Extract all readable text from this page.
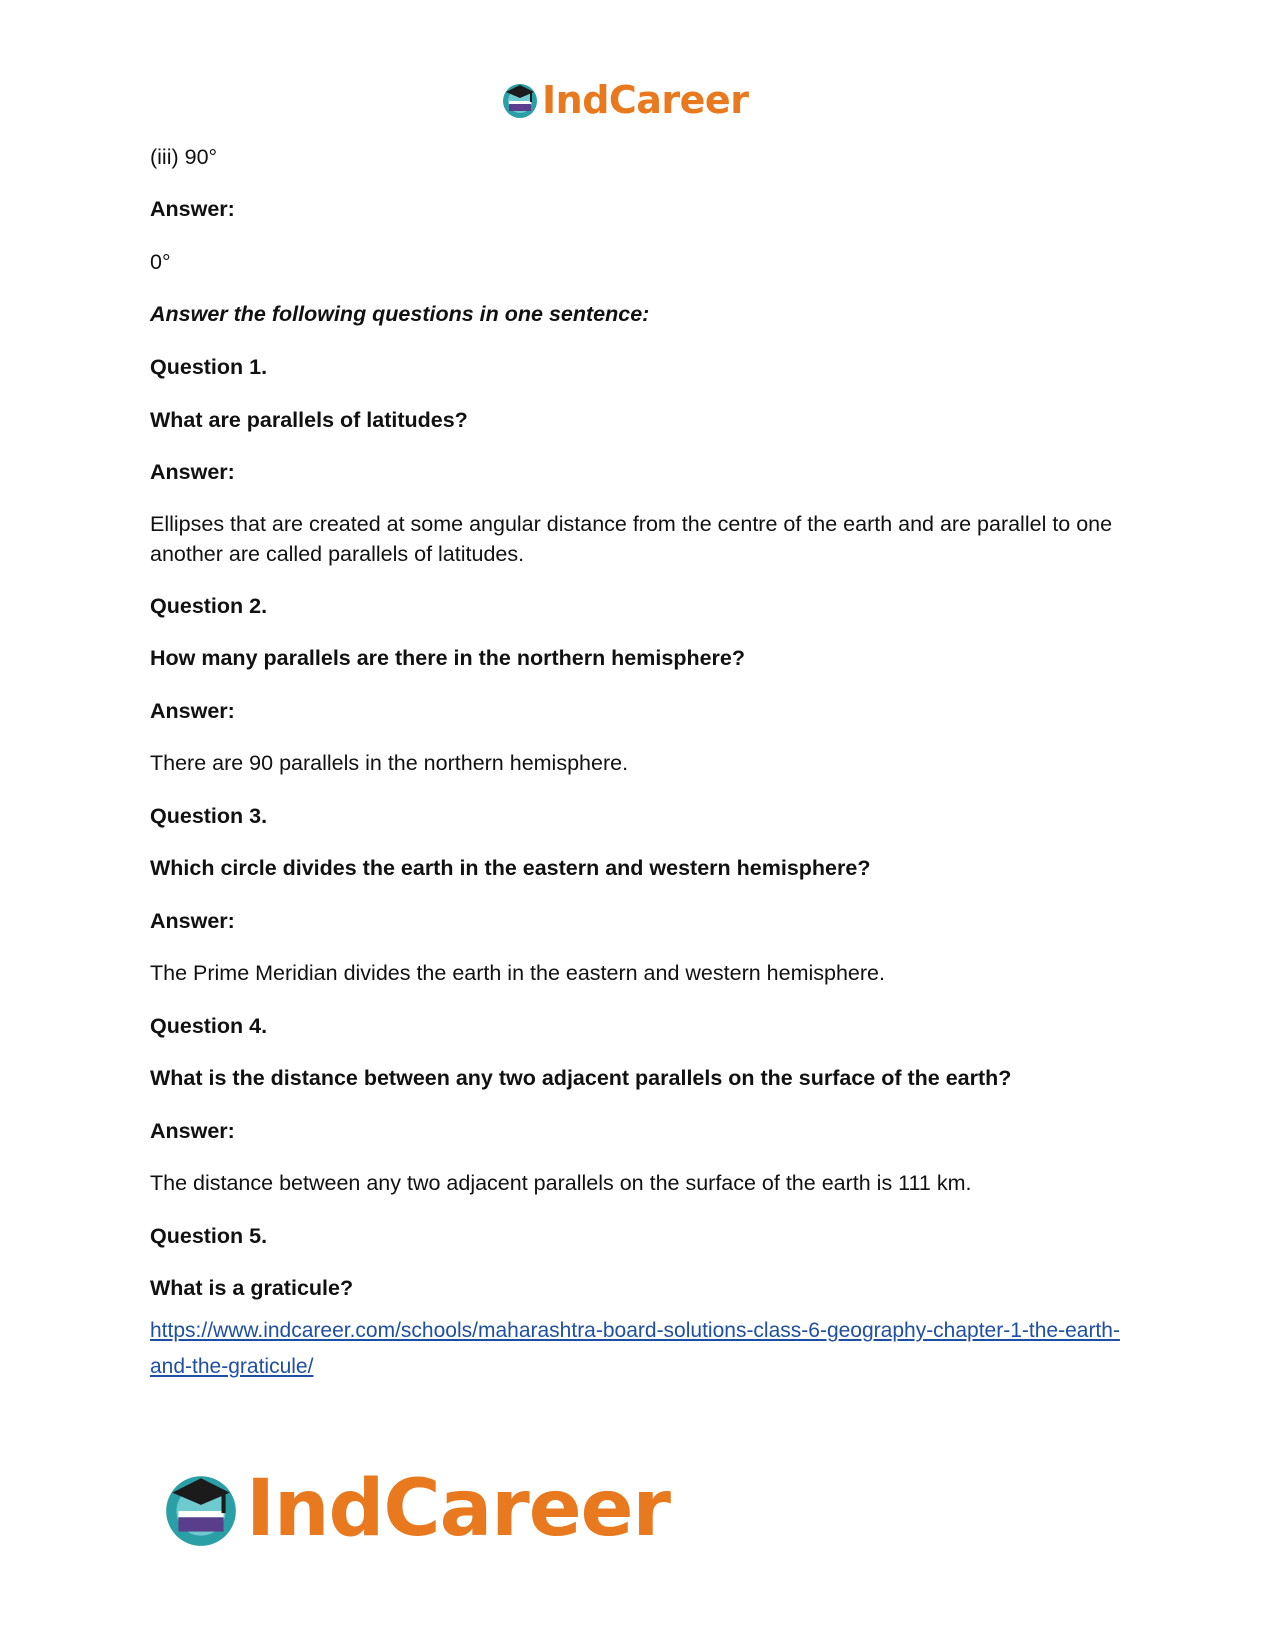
IndCareer

(iii) 90°

Answer:

0°

Answer the following questions in one sentence:

Question 1.

What are parallels of latitudes?

Answer:

Ellipses that are created at some angular distance from the centre of the earth and are parallel to one another are called parallels of latitudes.

Question 2.

How many parallels are there in the northern hemisphere?

Answer:

There are 90 parallels in the northern hemisphere.

Question 3.

Which circle divides the earth in the eastern and western hemisphere?

Answer:

The Prime Meridian divides the earth in the eastern and western hemisphere.

Question 4.

What is the distance between any two adjacent parallels on the surface of the earth?

Answer:

The distance between any two adjacent parallels on the surface of the earth is 111 km.

Question 5.

What is a graticule?

https://www.indcareer.com/schools/maharashtra-board-solutions-class-6-geography-chapter-1-the-earth-and-the-graticule/
IndCareer
